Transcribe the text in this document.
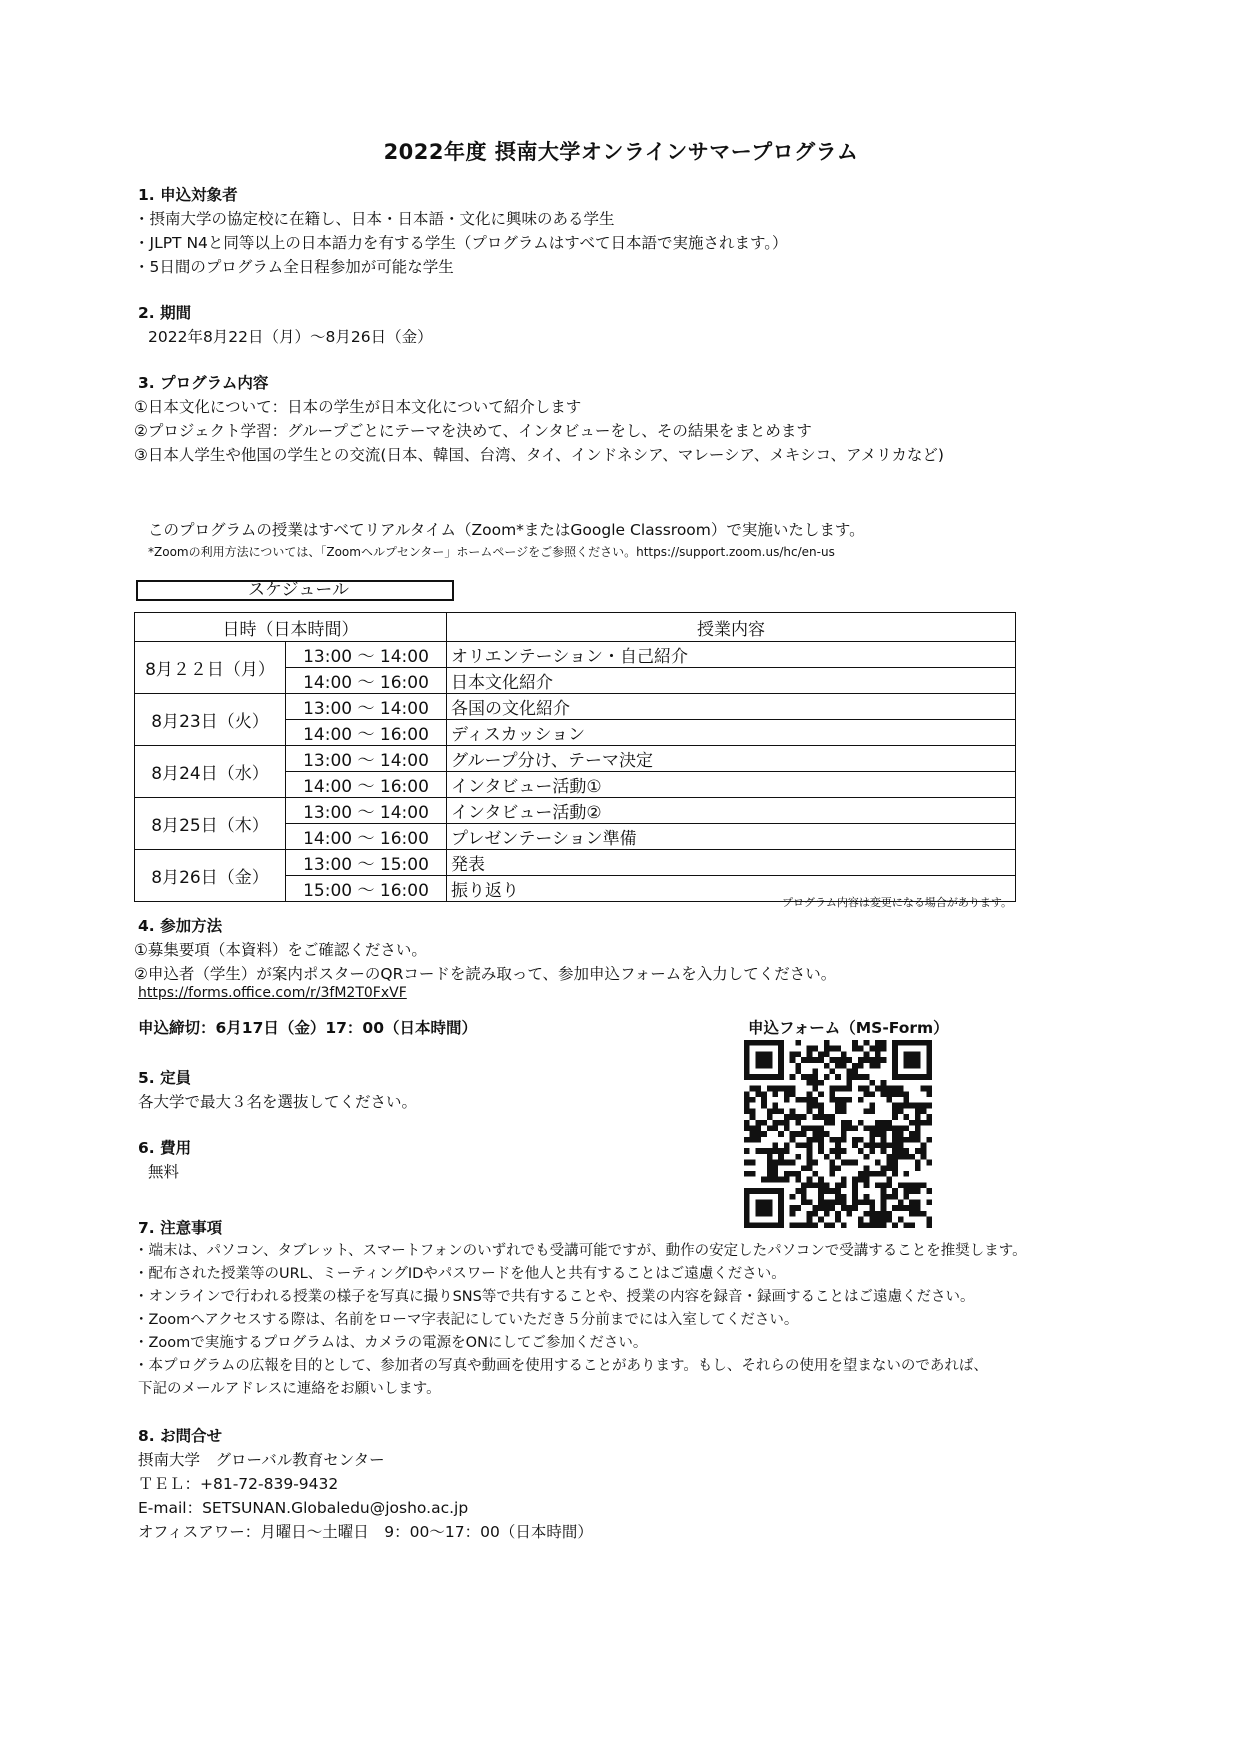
2022年度 摂南大学オンラインサマープログラム
1. 申込対象者
・摂南大学の協定校に在籍し、日本・日本語・文化に興味のある学生
・JLPT N4と同等以上の日本語力を有する学生（プログラムはすべて日本語で実施されます。）
・5日間のプログラム全日程参加が可能な学生
2. 期間
2022年8月22日（月）～8月26日（金）
3. プログラム内容
①日本文化について：日本の学生が日本文化について紹介します
②プロジェクト学習：グループごとにテーマを決めて、インタビューをし、その結果をまとめます
③日本人学生や他国の学生との交流(日本、韓国、台湾、タイ、インドネシア、マレーシア、メキシコ、アメリカなど)
このプログラムの授業はすべてリアルタイム（Zoom*またはGoogle Classroom）で実施いたします。
*Zoomの利用方法については、「Zoomヘルプセンター」ホームページをご参照ください。https://support.zoom.us/hc/en-us
スケジュール
日時（日本時間）		授業内容
8月２２日（月）	13:00 ～ 14:00	オリエンテーション・自己紹介
	14:00 ～ 16:00	日本文化紹介
8月23日（火）	13:00 ～ 14:00	各国の文化紹介
	14:00 ～ 16:00	ディスカッション
8月24日（水）	13:00 ～ 14:00	グループ分け、テーマ決定
	14:00 ～ 16:00	インタビュー活動①
8月25日（木）	13:00 ～ 14:00	インタビュー活動②
	14:00 ～ 16:00	プレゼンテーション準備
8月26日（金）	13:00 ～ 15:00	発表
	15:00 ～ 16:00	振り返り
プログラム内容は変更になる場合があります。
4. 参加方法
①募集要項（本資料）をご確認ください。
②申込者（学生）が案内ポスターのQRコードを読み取って、参加申込フォームを入力してください。
https://forms.office.com/r/3fM2T0FxVF
申込締切：6月17日（金）17：00（日本時間）	申込フォーム（MS-Form）
5. 定員
各大学で最大３名を選抜してください。
6. 費用
無料
7. 注意事項
・端末は、パソコン、タブレット、スマートフォンのいずれでも受講可能ですが、動作の安定したパソコンで受講することを推奨します。
・配布された授業等のURL、ミーティングIDやパスワードを他人と共有することはご遠慮ください。
・オンラインで行われる授業の様子を写真に撮りSNS等で共有することや、授業の内容を録音・録画することはご遠慮ください。
・Zoomへアクセスする際は、名前をローマ字表記にしていただき５分前までには入室してください。
・Zoomで実施するプログラムは、カメラの電源をONにしてご参加ください。
・本プログラムの広報を目的として、参加者の写真や動画を使用することがあります。もし、それらの使用を望まないのであれば、
下記のメールアドレスに連絡をお願いします。
8. お問合せ
摂南大学　グローバル教育センター
ＴＥＬ：+81-72-839-9432
E-mail：SETSUNAN.Globaledu@josho.ac.jp
オフィスアワー：月曜日～土曜日　9：00～17：00（日本時間）
